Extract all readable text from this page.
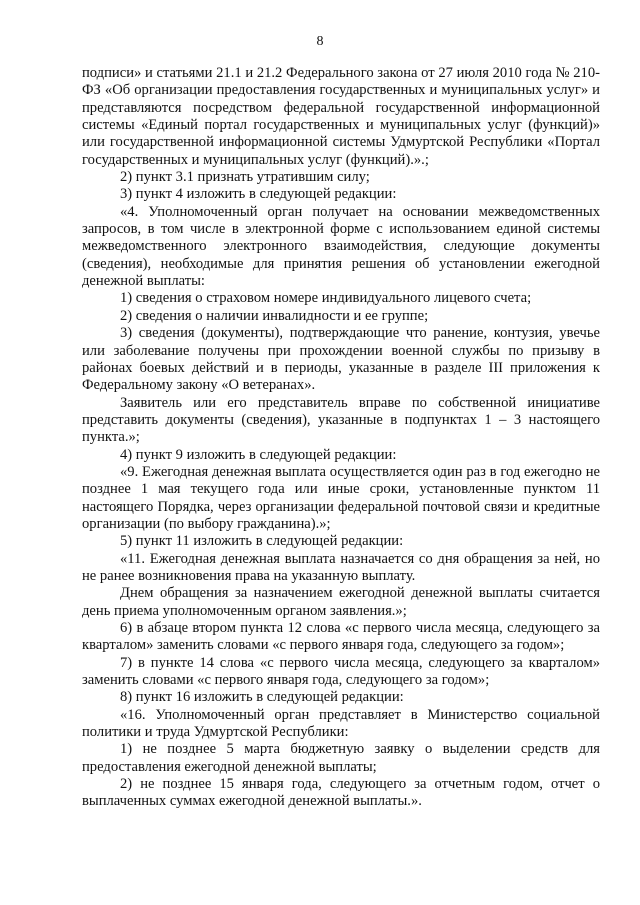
8

подписи» и статьями 21.1 и 21.2 Федерального закона от 27 июля 2010 года № 210-ФЗ «Об организации предоставления государственных и муниципальных услуг» и представляются посредством федеральной государственной информационной системы «Единый портал государственных и муниципальных услуг (функций)» или государственной информационной системы Удмуртской Республики «Портал государственных и муниципальных услуг (функций).».;

2) пункт 3.1 признать утратившим силу;

3) пункт 4 изложить в следующей редакции:

«4. Уполномоченный орган получает на основании межведомственных запросов, в том числе в электронной форме с использованием единой системы межведомственного электронного взаимодействия, следующие документы (сведения), необходимые для принятия решения об установлении ежегодной денежной выплаты:

1) сведения о страховом номере индивидуального лицевого счета;

2) сведения о наличии инвалидности и ее группе;

3) сведения (документы), подтверждающие что ранение, контузия, увечье или заболевание получены при прохождении военной службы по призыву в районах боевых действий и в периоды, указанные в разделе III приложения к Федеральному закону «О ветеранах».

Заявитель или его представитель вправе по собственной инициативе представить документы (сведения), указанные в подпунктах 1 – 3 настоящего пункта.»;

4) пункт 9 изложить в следующей редакции:

«9. Ежегодная денежная выплата осуществляется один раз в год ежегодно не позднее 1 мая текущего года или иные сроки, установленные пунктом 11 настоящего Порядка, через организации федеральной почтовой связи и кредитные организации (по выбору гражданина).»;

5) пункт 11 изложить в следующей редакции:

«11. Ежегодная денежная выплата назначается со дня обращения за ней, но не ранее возникновения права на указанную выплату.

Днем обращения за назначением ежегодной денежной выплаты считается день приема уполномоченным органом заявления.»;

6) в абзаце втором пункта 12 слова «с первого числа месяца, следующего за кварталом» заменить словами «с первого января года, следующего за годом»;

7) в пункте 14 слова «с первого числа месяца, следующего за кварталом» заменить словами «с первого января года, следующего за годом»;

8) пункт 16 изложить в следующей редакции:

«16. Уполномоченный орган представляет в Министерство социальной политики и труда Удмуртской Республики:

1) не позднее 5 марта бюджетную заявку о выделении средств для предоставления ежегодной денежной выплаты;

2) не позднее 15 января года, следующего за отчетным годом, отчет о выплаченных суммах ежегодной денежной выплаты.».
